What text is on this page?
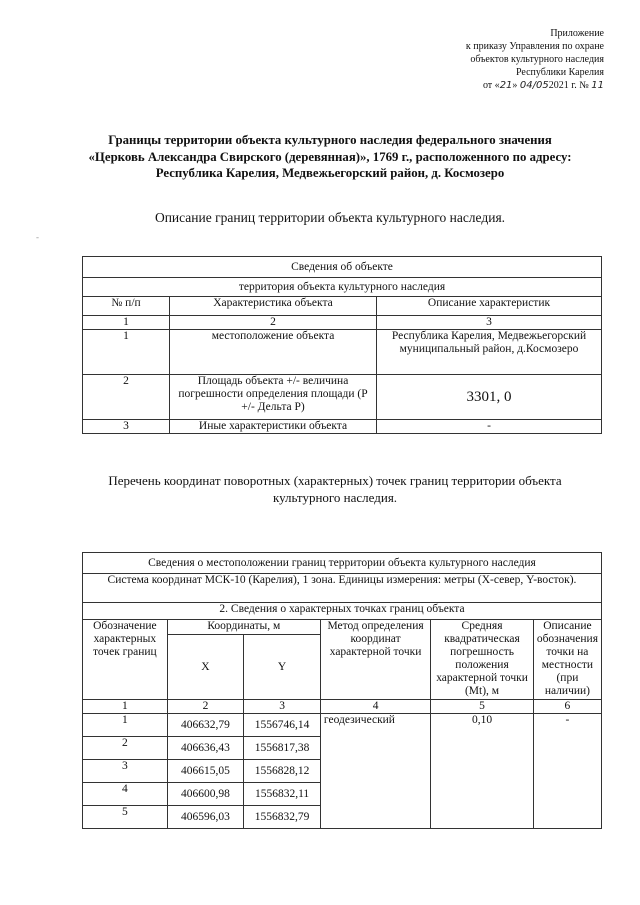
Приложение
к приказу Управления по охране
объектов культурного наследия
Республики Карелия
от «21» 04/052021 г. № 11
Границы территории объекта культурного наследия федерального значения «Церковь Александра Свирского (деревянная)», 1769 г., расположенного по адресу: Республика Карелия, Медвежьегорский район, д. Космозеро
Описание границ территории объекта культурного наследия.
Сведения об объекте		
территория объекта культурного наследия		
№ п/п	Характеристика объекта	Описание характеристик
1	2	3
1	местоположение объекта	Республика Карелия, Медвежьегорский муниципальный район, д.Космозеро
2	Площадь объекта +/- величина погрешности определения площади (Р +/- Дельта Р)	3301, 0
3	Иные характеристики объекта	-
Перечень координат поворотных (характерных) точек границ территории объекта культурного наследия.
Сведения о местоположении границ территории объекта культурного наследия					
Система координат МСК-10 (Карелия), 1 зона. Единицы измерения: метры (Х-север, Y-восток).					
2. Сведения о характерных точках границ объекта					
Обозначение характерных точек границ	Координаты, м		Метод определения координат характерной точки	Средняя квадратическая погрешность положения характерной точки (Мt), м	Описание обозначения точки на местности (при наличии)
	X	Y			
1	2	3	4	5	6
1	406632,79	1556746,14	геодезический	0,10	-
2	406636,43	1556817,38			
3	406615,05	1556828,12			
4	406600,98	1556832,11			
5	406596,03	1556832,79			
-
